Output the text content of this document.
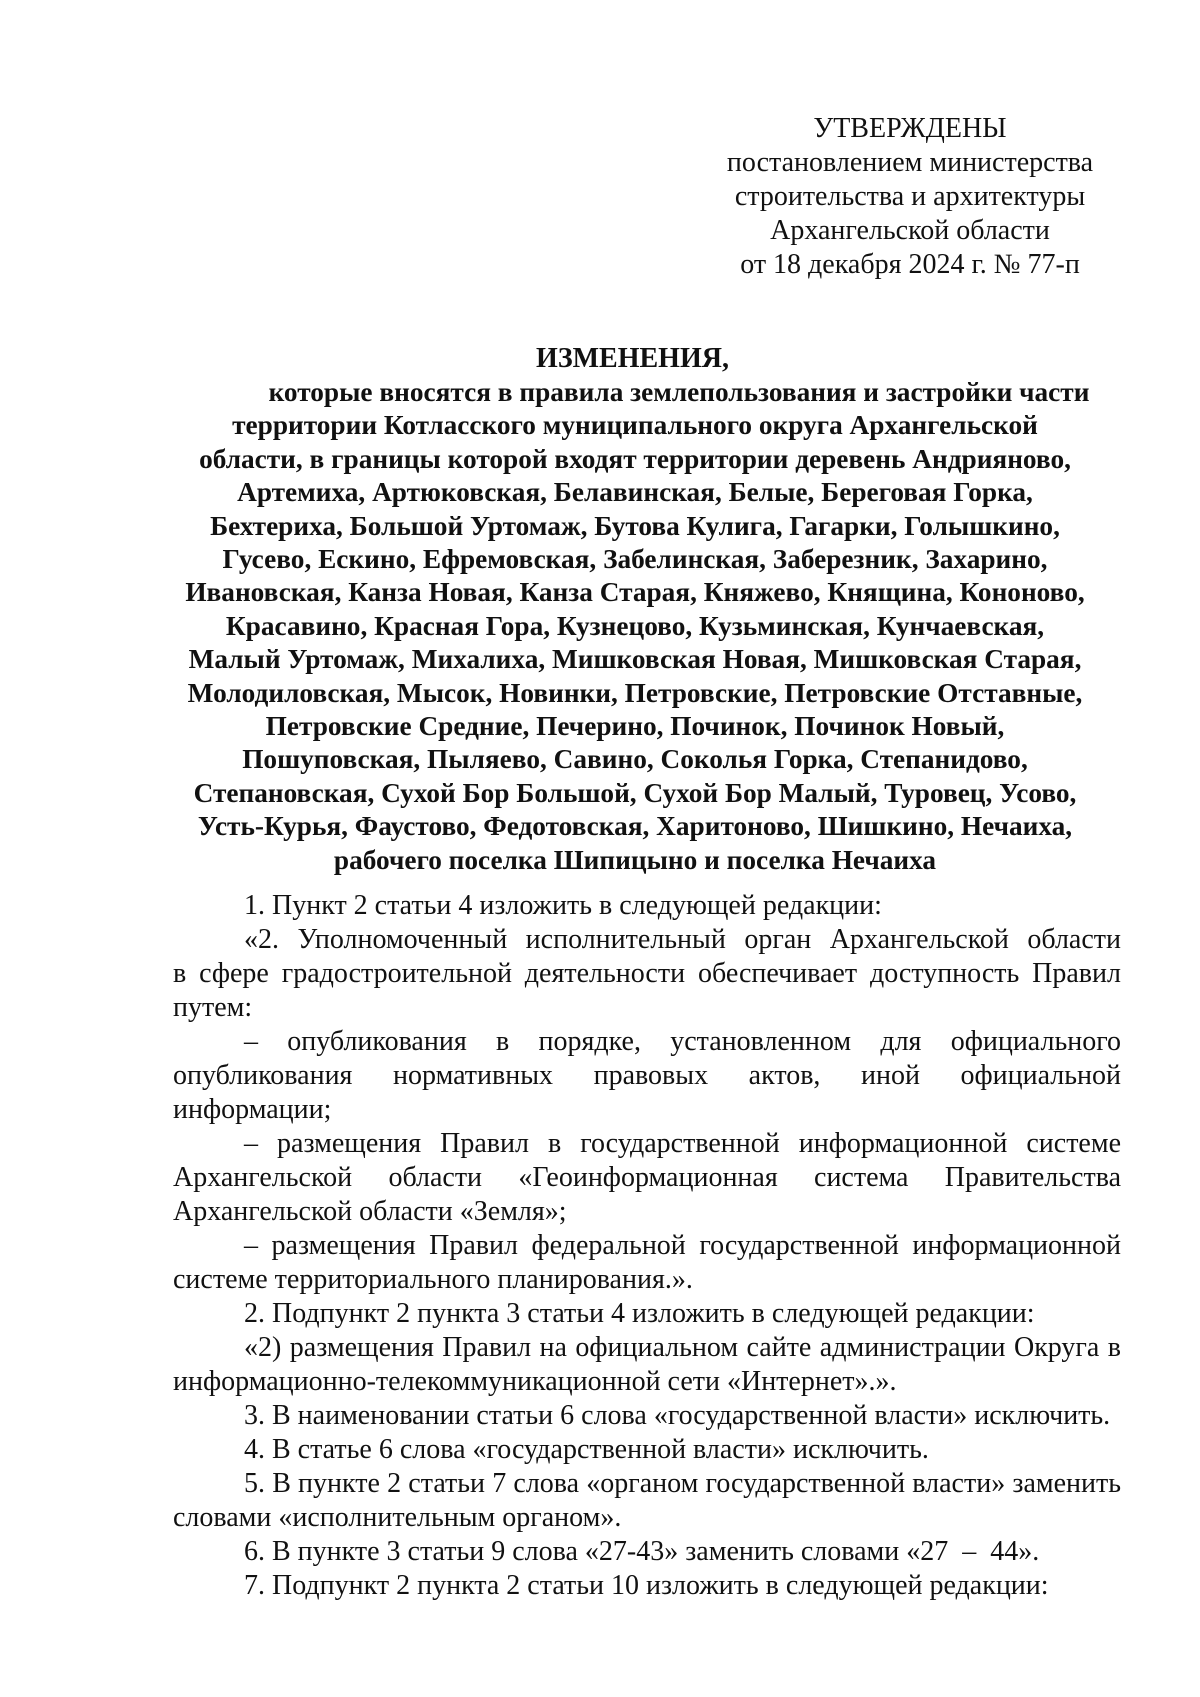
УТВЕРЖДЕНЫ
постановлением министерства
строительства и архитектуры
Архангельской области
от 18 декабря 2024 г. № 77-п
ИЗМЕНЕНИЯ,
которые вносятся в правила землепользования и застройки части
территории Котласского муниципального округа Архангельской
области, в границы которой входят территории деревень Андрияново,
Артемиха, Артюковская, Белавинская, Белые, Береговая Горка,
Бехтериха, Большой Уртомаж, Бутова Кулига, Гагарки, Голышкино,
Гусево, Ескино, Ефремовская, Забелинская, Заберезник, Захарино,
Ивановская, Канза Новая, Канза Старая, Княжево, Княщина, Кононово,
Красавино, Красная Гора, Кузнецово, Кузьминская, Кунчаевская,
Малый Уртомаж, Михалиха, Мишковская Новая, Мишковская Старая,
Молодиловская, Мысок, Новинки, Петровские, Петровские Отставные,
Петровские Средние, Печерино, Починок, Починок Новый,
Пошуповская, Пыляево, Савино, Соколья Горка, Степанидово,
Степановская, Сухой Бор Большой, Сухой Бор Малый, Туровец, Усово,
Усть-Курья, Фаустово, Федотовская, Харитоново, Шишкино, Нечаиха,
рабочего поселка Шипицыно и поселка Нечаиха
1. Пункт 2 статьи 4 изложить в следующей редакции:
«2. Уполномоченный исполнительный орган Архангельской области
в сфере градостроительной деятельности обеспечивает доступность Правил
путем:
– опубликования в порядке, установленном для официального
опубликования нормативных правовых актов, иной официальной
информации;
– размещения Правил в государственной информационной системе
Архангельской области «Геоинформационная система Правительства
Архангельской области «Земля»;
– размещения Правил федеральной государственной информационной
системе территориального планирования.».
2. Подпункт 2 пункта 3 статьи 4 изложить в следующей редакции:
«2) размещения Правил на официальном сайте администрации Округа в
информационно-телекоммуникационной сети «Интернет».».
3. В наименовании статьи 6 слова «государственной власти» исключить.
4. В статье 6 слова «государственной власти» исключить.
5. В пункте 2 статьи 7 слова «органом государственной власти» заменить
словами «исполнительным органом».
6. В пункте 3 статьи 9 слова «27-43» заменить словами «27  –  44».
7. Подпункт 2 пункта 2 статьи 10 изложить в следующей редакции:
